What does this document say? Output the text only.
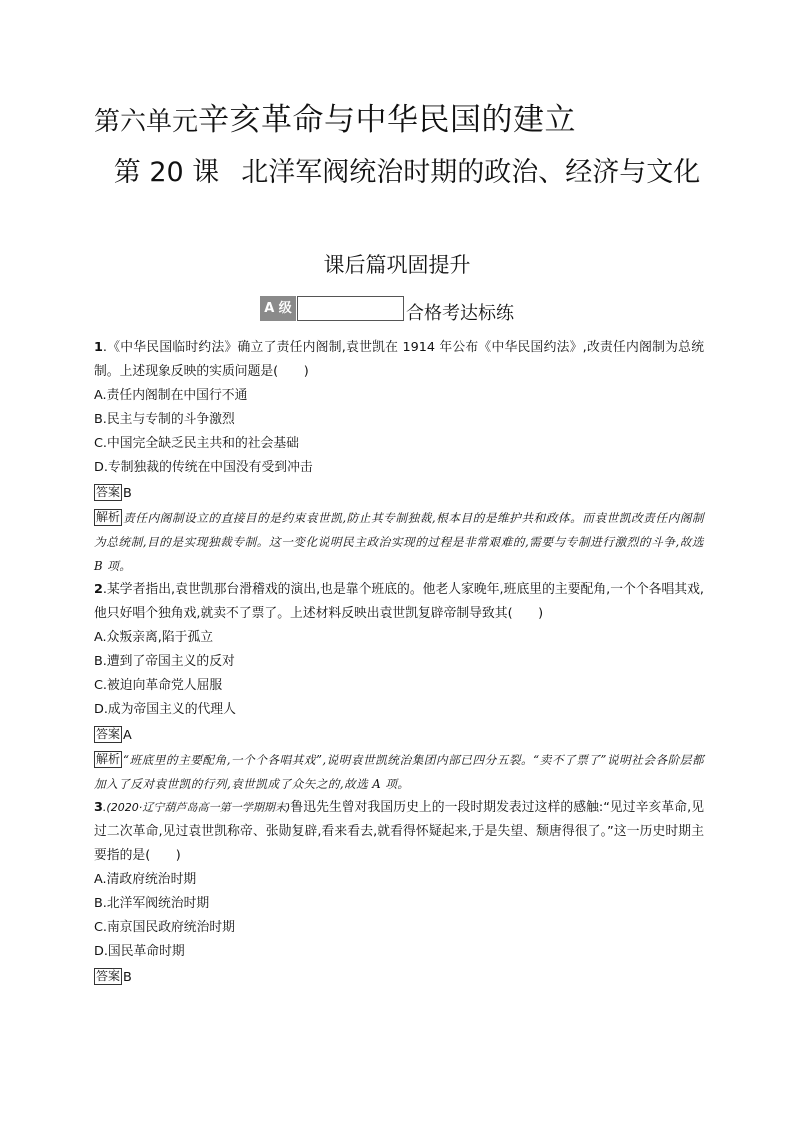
第六单元辛亥革命与中华民国的建立
第 20 课 北洋军阀统治时期的政治、经济与文化
课后篇巩固提升
A 级	合格考达标练
1.《中华民国临时约法》确立了责任内阁制,袁世凯在 1914 年公布《中华民国约法》,改责任内阁制为总统制。上述现象反映的实质问题是(　　)
A.责任内阁制在中国行不通
B.民主与专制的斗争激烈
C.中国完全缺乏民主共和的社会基础
D.专制独裁的传统在中国没有受到冲击
答案 B
解析 责任内阁制设立的直接目的是约束袁世凯,防止其专制独裁,根本目的是维护共和政体。而袁世凯改责任内阁制为总统制,目的是实现独裁专制。这一变化说明民主政治实现的过程是非常艰难的,需要与专制进行激烈的斗争,故选 B 项。
2.某学者指出,袁世凯那台滑稽戏的演出,也是靠个班底的。他老人家晚年,班底里的主要配角,一个个各唱其戏,他只好唱个独角戏,就卖不了票了。上述材料反映出袁世凯复辟帝制导致其(　　)
A.众叛亲离,陷于孤立
B.遭到了帝国主义的反对
C.被迫向革命党人屈服
D.成为帝国主义的代理人
答案 A
解析 “班底里的主要配角,一个个各唱其戏”,说明袁世凯统治集团内部已四分五裂。“卖不了票了”说明社会各阶层都加入了反对袁世凯的行列,袁世凯成了众矢之的,故选 A 项。
3.(2020·辽宁葫芦岛高一第一学期期末)鲁迅先生曾对我国历史上的一段时期发表过这样的感触:“见过辛亥革命,见过二次革命,见过袁世凯称帝、张勋复辟,看来看去,就看得怀疑起来,于是失望、颓唐得很了。”这一历史时期主要指的是(　　)
A.清政府统治时期
B.北洋军阀统治时期
C.南京国民政府统治时期
D.国民革命时期
答案 B
